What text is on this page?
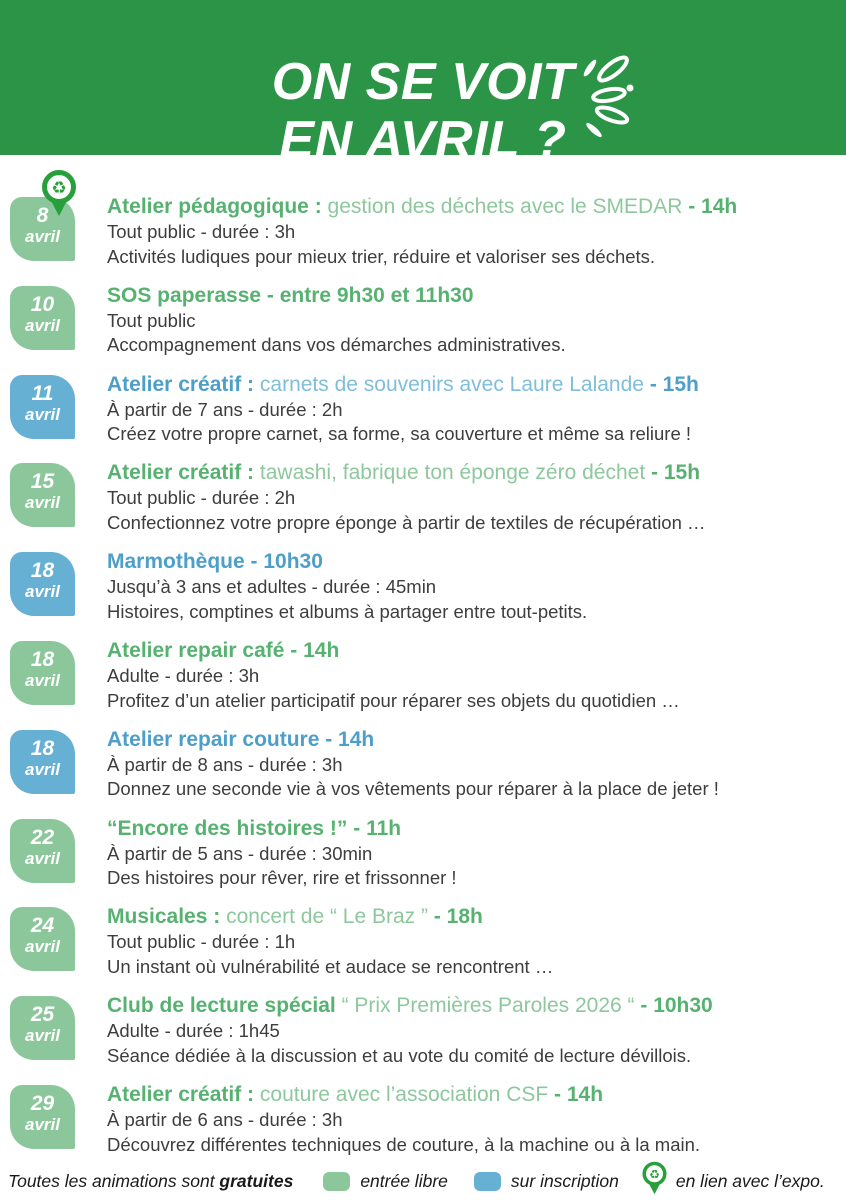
ON SE VOIT
EN AVRIL ?
8
avril
♻
Atelier pédagogique : gestion des déchets avec le SMEDAR - 14h
Tout public - durée : 3h
Activités ludiques pour mieux trier, réduire et valoriser ses déchets.
10
avril
SOS paperasse - entre 9h30 et 11h30
Tout public
Accompagnement dans vos démarches administratives.
11
avril
Atelier créatif : carnets de souvenirs avec Laure Lalande - 15h
À partir de 7 ans - durée : 2h
Créez votre propre carnet, sa forme, sa couverture et même sa reliure !
15
avril
Atelier créatif : tawashi, fabrique ton éponge zéro déchet - 15h
Tout public - durée : 2h
Confectionnez votre propre éponge à partir de textiles de récupération …
18
avril
Marmothèque - 10h30
Jusqu’à 3 ans et adultes - durée : 45min
Histoires, comptines et albums à partager entre tout-petits.
18
avril
Atelier repair café - 14h
Adulte - durée : 3h
Profitez d’un atelier participatif pour réparer ses objets du quotidien …
18
avril
Atelier repair couture - 14h
À partir de 8 ans - durée : 3h
Donnez une seconde vie à vos vêtements pour réparer à la place de jeter !
22
avril
“Encore des histoires !” - 11h
À partir de 5 ans - durée : 30min
Des histoires pour rêver, rire et frissonner !
24
avril
Musicales : concert de “ Le Braz ” - 18h
Tout public - durée : 1h
Un instant où vulnérabilité et audace se rencontrent …
25
avril
Club de lecture spécial “ Prix Premières Paroles 2026 “ - 10h30
Adulte - durée : 1h45
Séance dédiée à la discussion et au vote du comité de lecture dévillois.
29
avril
Atelier créatif : couture avec l’association CSF - 14h
À partir de 6 ans - durée : 3h
Découvrez différentes techniques de couture, à la machine ou à la main.
Toutes les animations sont gratuites	entrée libre	sur inscription ♻ en lien avec l’expo.
